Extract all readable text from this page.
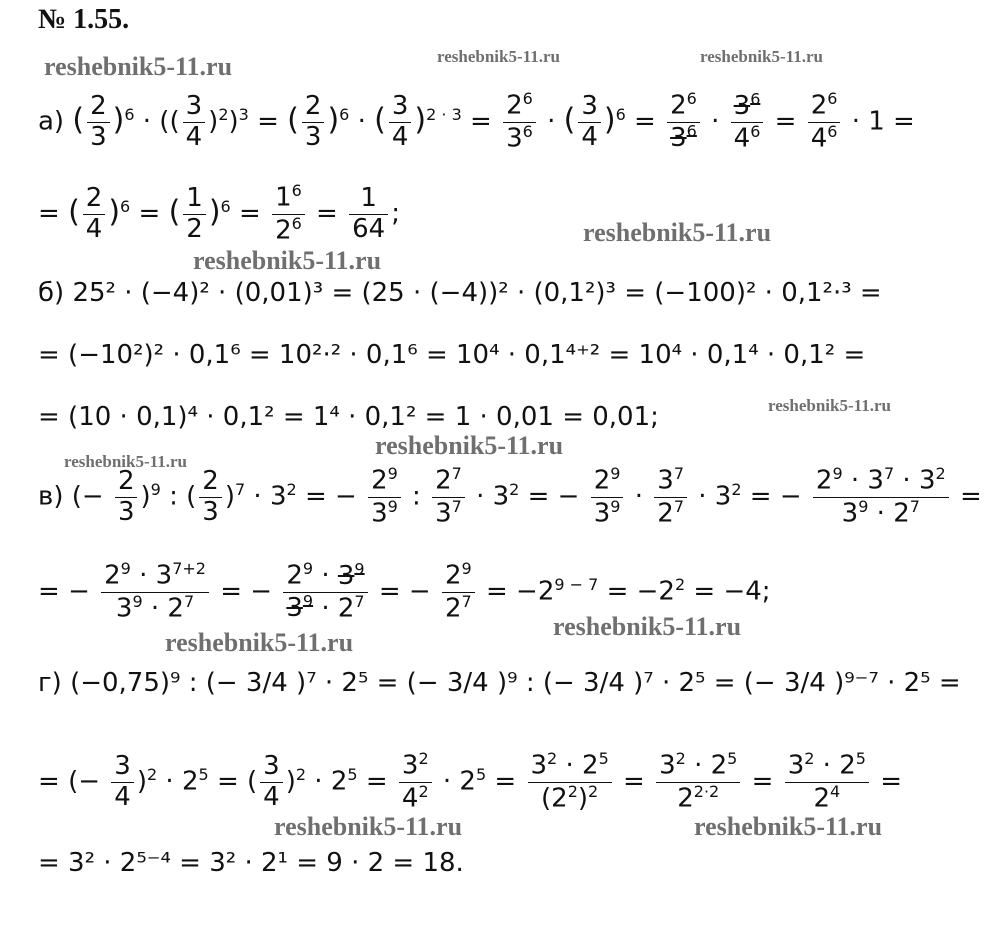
№ 1.55.
reshebnik5-11.ru	reshebnik5-11.ru	reshebnik5-11.ru
reshebnik5-11.ru
reshebnik5-11.ru
reshebnik5-11.ru
reshebnik5-11.ru
reshebnik5-11.ru
reshebnik5-11.ru
reshebnik5-11.ru
reshebnik5-11.ru	reshebnik5-11.ru
а) ( $\frac{2}{3} )^6$ · (( $\frac{3}{4} )^2)^3$ = ( $\frac{2}{3} )^6$ · ( $\frac{3}{4} )^{2 \cdot 3} = \frac{2^6}{3^6}$ · ( $\frac{3}{4} )^6 = \frac{2^6}{3^6} \cdot \frac{3^6}{4^6} = \frac{2^6}{4^6} \cdot 1$ =
= ( $\frac{2}{4} )^6$ = ( $\frac{1}{2} )^6 = \frac{1^6}{2^6} = \frac{1}{64}$ ;
б) 25² · (−4)² · (0,01)³ = (25 · (−4))² · (0,1²)³ = (−100)² · 0,1²·³ =
= (−10²)² · 0,1⁶ = 10²·² · 0,1⁶ = 10⁴ · 0,1⁴⁺² = 10⁴ · 0,1⁴ · 0,1² =
= (10 · 0,1)⁴ · 0,1² = 1⁴ · 0,1² = 1 · 0,01 = 0,01;
в) (− $\frac{2}{3} )^9$ : ( $\frac{2}{3} )^7 \cdot 3^2$ = − $\frac{2^9}{3^9}$ : $\frac{2^7}{3^7} \cdot 3^2$ = − $\frac{2^9}{3^9} \cdot \frac{3^7}{2^7} \cdot 3^2$ = − $\frac{2^9 \cdot 3^7 \cdot 3^2}{3^9 \cdot 2^7}$ =
= − $\frac{2^9 \cdot 3^{7+2}}{3^9 \cdot 2^7}$ = − $\frac{2^9 \cdot 3^9}{3^9 \cdot 2^7}$ = − $\frac{2^9}{2^7} = -2^{9 - 7} = -2^2 = -4$;
г) (−0,75)⁹ : (− 3/4 )⁷ · 2⁵ = (− 3/4 )⁹ : (− 3/4 )⁷ · 2⁵ = (− 3/4 )⁹⁻⁷ · 2⁵ =
= (− $\frac{3}{4} )^2 \cdot 2^5$ = ( $\frac{3}{4} )^2 \cdot 2^5 = \frac{3^2}{4^2} \cdot 2^5 = \frac{3^2 \cdot 2^5}{(2^2)^2} = \frac{3^2 \cdot 2^5}{2^{2\cdot 2}} = \frac{3^2 \cdot 2^5}{2^4}$ =
= 3² · 2⁵⁻⁴ = 3² · 2¹ = 9 · 2 = 18.
